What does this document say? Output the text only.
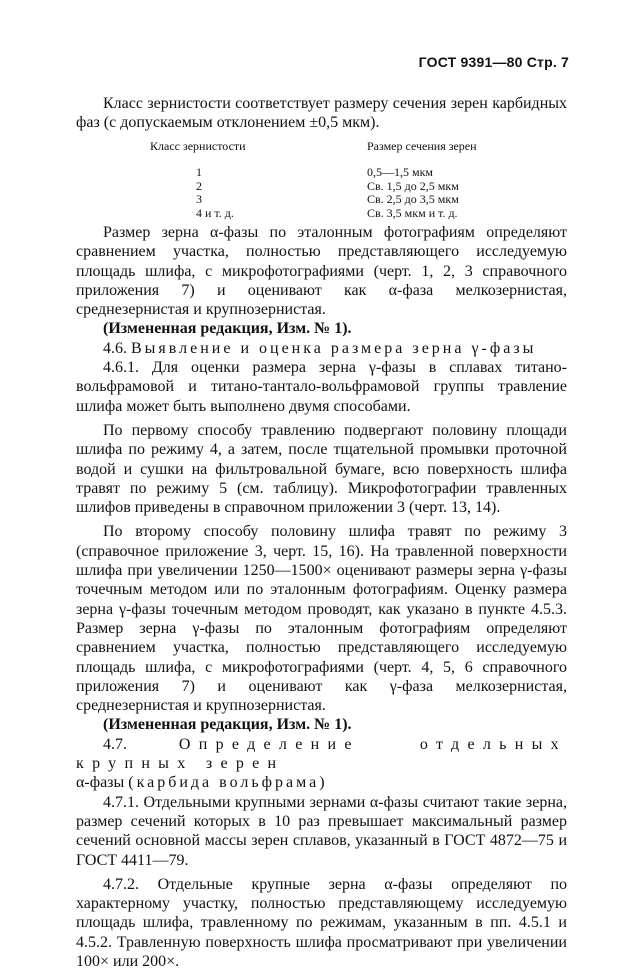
ГОСТ 9391—80 Стр. 7

Класс зернистости соответствует размеру сечения зерен карбидных фаз (с допускаемым отклонением ±0,5 мкм).

Класс зернистости	Размер сечения зерен
1	0,5—1,5 мкм
2	Св. 1,5 до 2,5 мкм
3	Св. 2,5 до 3,5 мкм
4 и т. д.	Св. 3,5 мкм и т. д.

Размер зерна α-фазы по эталонным фотографиям определяют сравнением участка, полностью представляющего исследуемую площадь шлифа, с микрофотографиями (черт. 1, 2, 3 справочного приложения 7) и оценивают как α-фаза мелкозернистая, среднезернистая и крупнозернистая.

(Измененная редакция, Изм. № 1).

4.6. Выявление и оценка размера зерна γ-фазы

4.6.1. Для оценки размера зерна γ-фазы в сплавах титано-вольфрамовой и титано-тантало-вольфрамовой группы травление шлифа может быть выполнено двумя способами.

По первому способу травлению подвергают половину площади шлифа по режиму 4, а затем, после тщательной промывки проточной водой и сушки на фильтровальной бумаге, всю поверхность шлифа травят по режиму 5 (см. таблицу). Микрофотографии травленных шлифов приведены в справочном приложении 3 (черт. 13, 14).

По второму способу половину шлифа травят по режиму 3 (справочное приложение 3, черт. 15, 16). На травленной поверхности шлифа при увеличении 1250—1500× оценивают размеры зерна γ-фазы точечным методом или по эталонным фотографиям. Оценку размера зерна γ-фазы точечным методом проводят, как указано в пункте 4.5.3. Размер зерна γ-фазы по эталонным фотографиям определяют сравнением участка, полностью представляющего исследуемую площадь шлифа, с микрофотографиями (черт. 4, 5, 6 справочного приложения 7) и оценивают как γ-фаза мелкозернистая, среднезернистая и крупнозернистая.

(Измененная редакция, Изм. № 1).

4.7.	Определение отдельных крупных зерен

α-фазы (карбида вольфрама)

4.7.1. Отдельными крупными зернами α-фазы считают такие зерна, размер сечений которых в 10 раз превышает максимальный размер сечений основной массы зерен сплавов, указанный в ГОСТ 4872—75 и ГОСТ 4411—79.

4.7.2. Отдельные крупные зерна α-фазы определяют по характерному участку, полностью представляющему исследуемую площадь шлифа, травленному по режимам, указанным в пп. 4.5.1 и 4.5.2. Травленную поверхность шлифа просматривают при увеличении 100× или 200×.
